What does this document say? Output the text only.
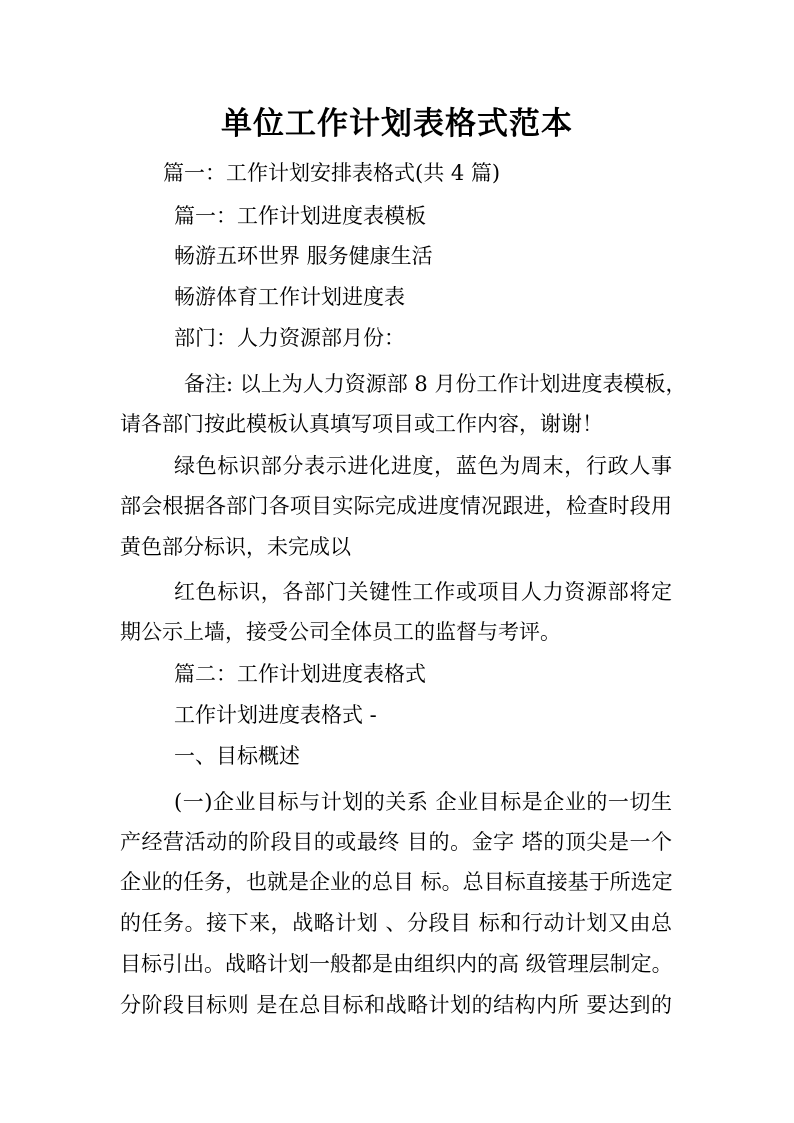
单位工作计划表格式范本
篇一：工作计划安排表格式(共 4 篇)
篇一：工作计划进度表模板
畅游五环世界 服务健康生活
畅游体育工作计划进度表
部门：人力资源部月份：
备注: 以上为人力资源部 8 月份工作计划进度表模板，
请各部门按此模板认真填写项目或工作内容，谢谢！
绿色标识部分表示进化进度，蓝色为周末，行政人事
部会根据各部门各项目实际完成进度情况跟进，检查时段用
黄色部分标识，未完成以
红色标识，各部门关键性工作或项目人力资源部将定
期公示上墙，接受公司全体员工的监督与考评。
篇二：工作计划进度表格式
工作计划进度表格式 -
一、目标概述
(一)企业目标与计划的关系 企业目标是企业的一切生
产经营活动的阶段目的或最终 目的。金字 塔的顶尖是一个
企业的任务，也就是企业的总目 标。总目标直接基于所选定
的任务。接下来，战略计划 、分段目 标和行动计划又由总
目标引出。战略计划一般都是由组织内的高 级管理层制定。
分阶段目标则 是在总目标和战略计划的结构内所 要达到的
